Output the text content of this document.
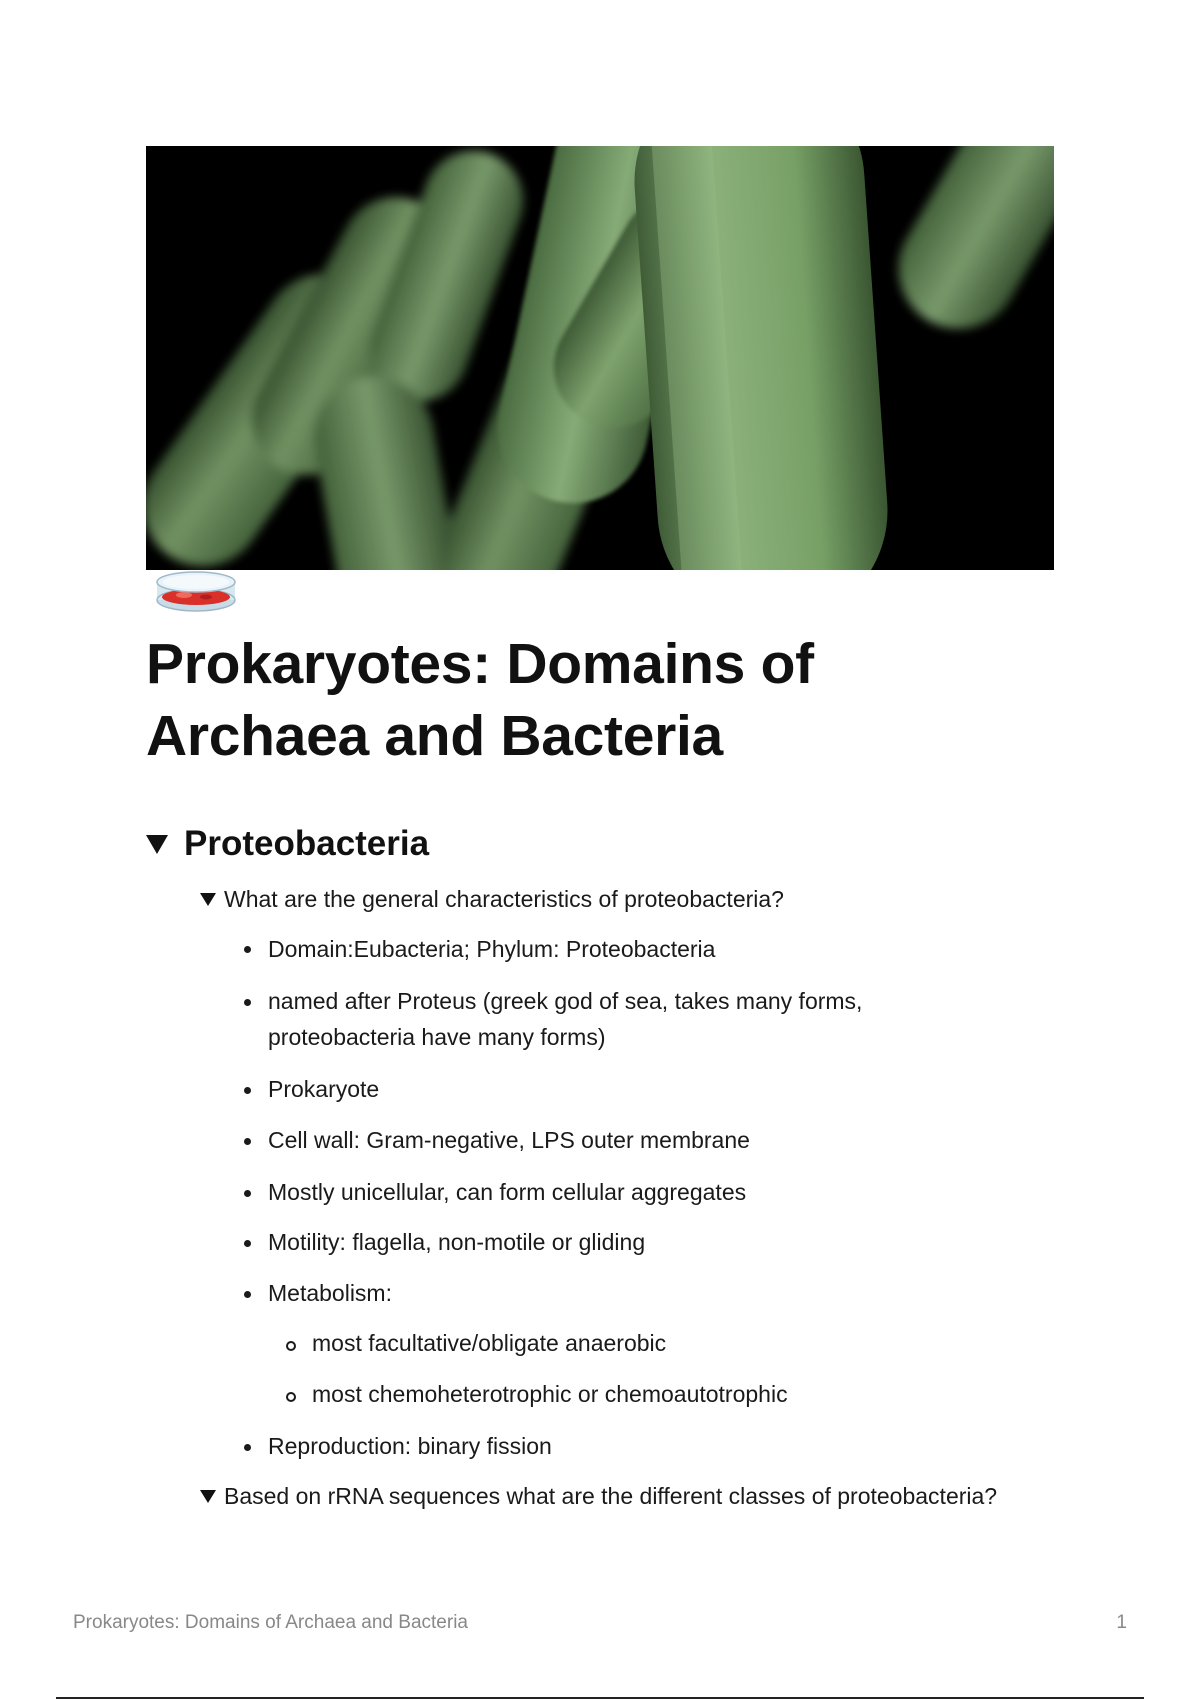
Prokaryotes: Domains of Archaea and Bacteria
Proteobacteria
What are the general characteristics of proteobacteria?
Domain:Eubacteria; Phylum: Proteobacteria
named after Proteus (greek god of sea, takes many forms,
proteobacteria have many forms)
Prokaryote
Cell wall: Gram-negative, LPS outer membrane
Mostly unicellular, can form cellular aggregates
Motility: flagella, non-motile or gliding
Metabolism:
most facultative/obligate anaerobic
most chemoheterotrophic or chemoautotrophic
Reproduction: binary fission
Based on rRNA sequences what are the different classes of proteobacteria?
Prokaryotes: Domains of Archaea and Bacteria	1
